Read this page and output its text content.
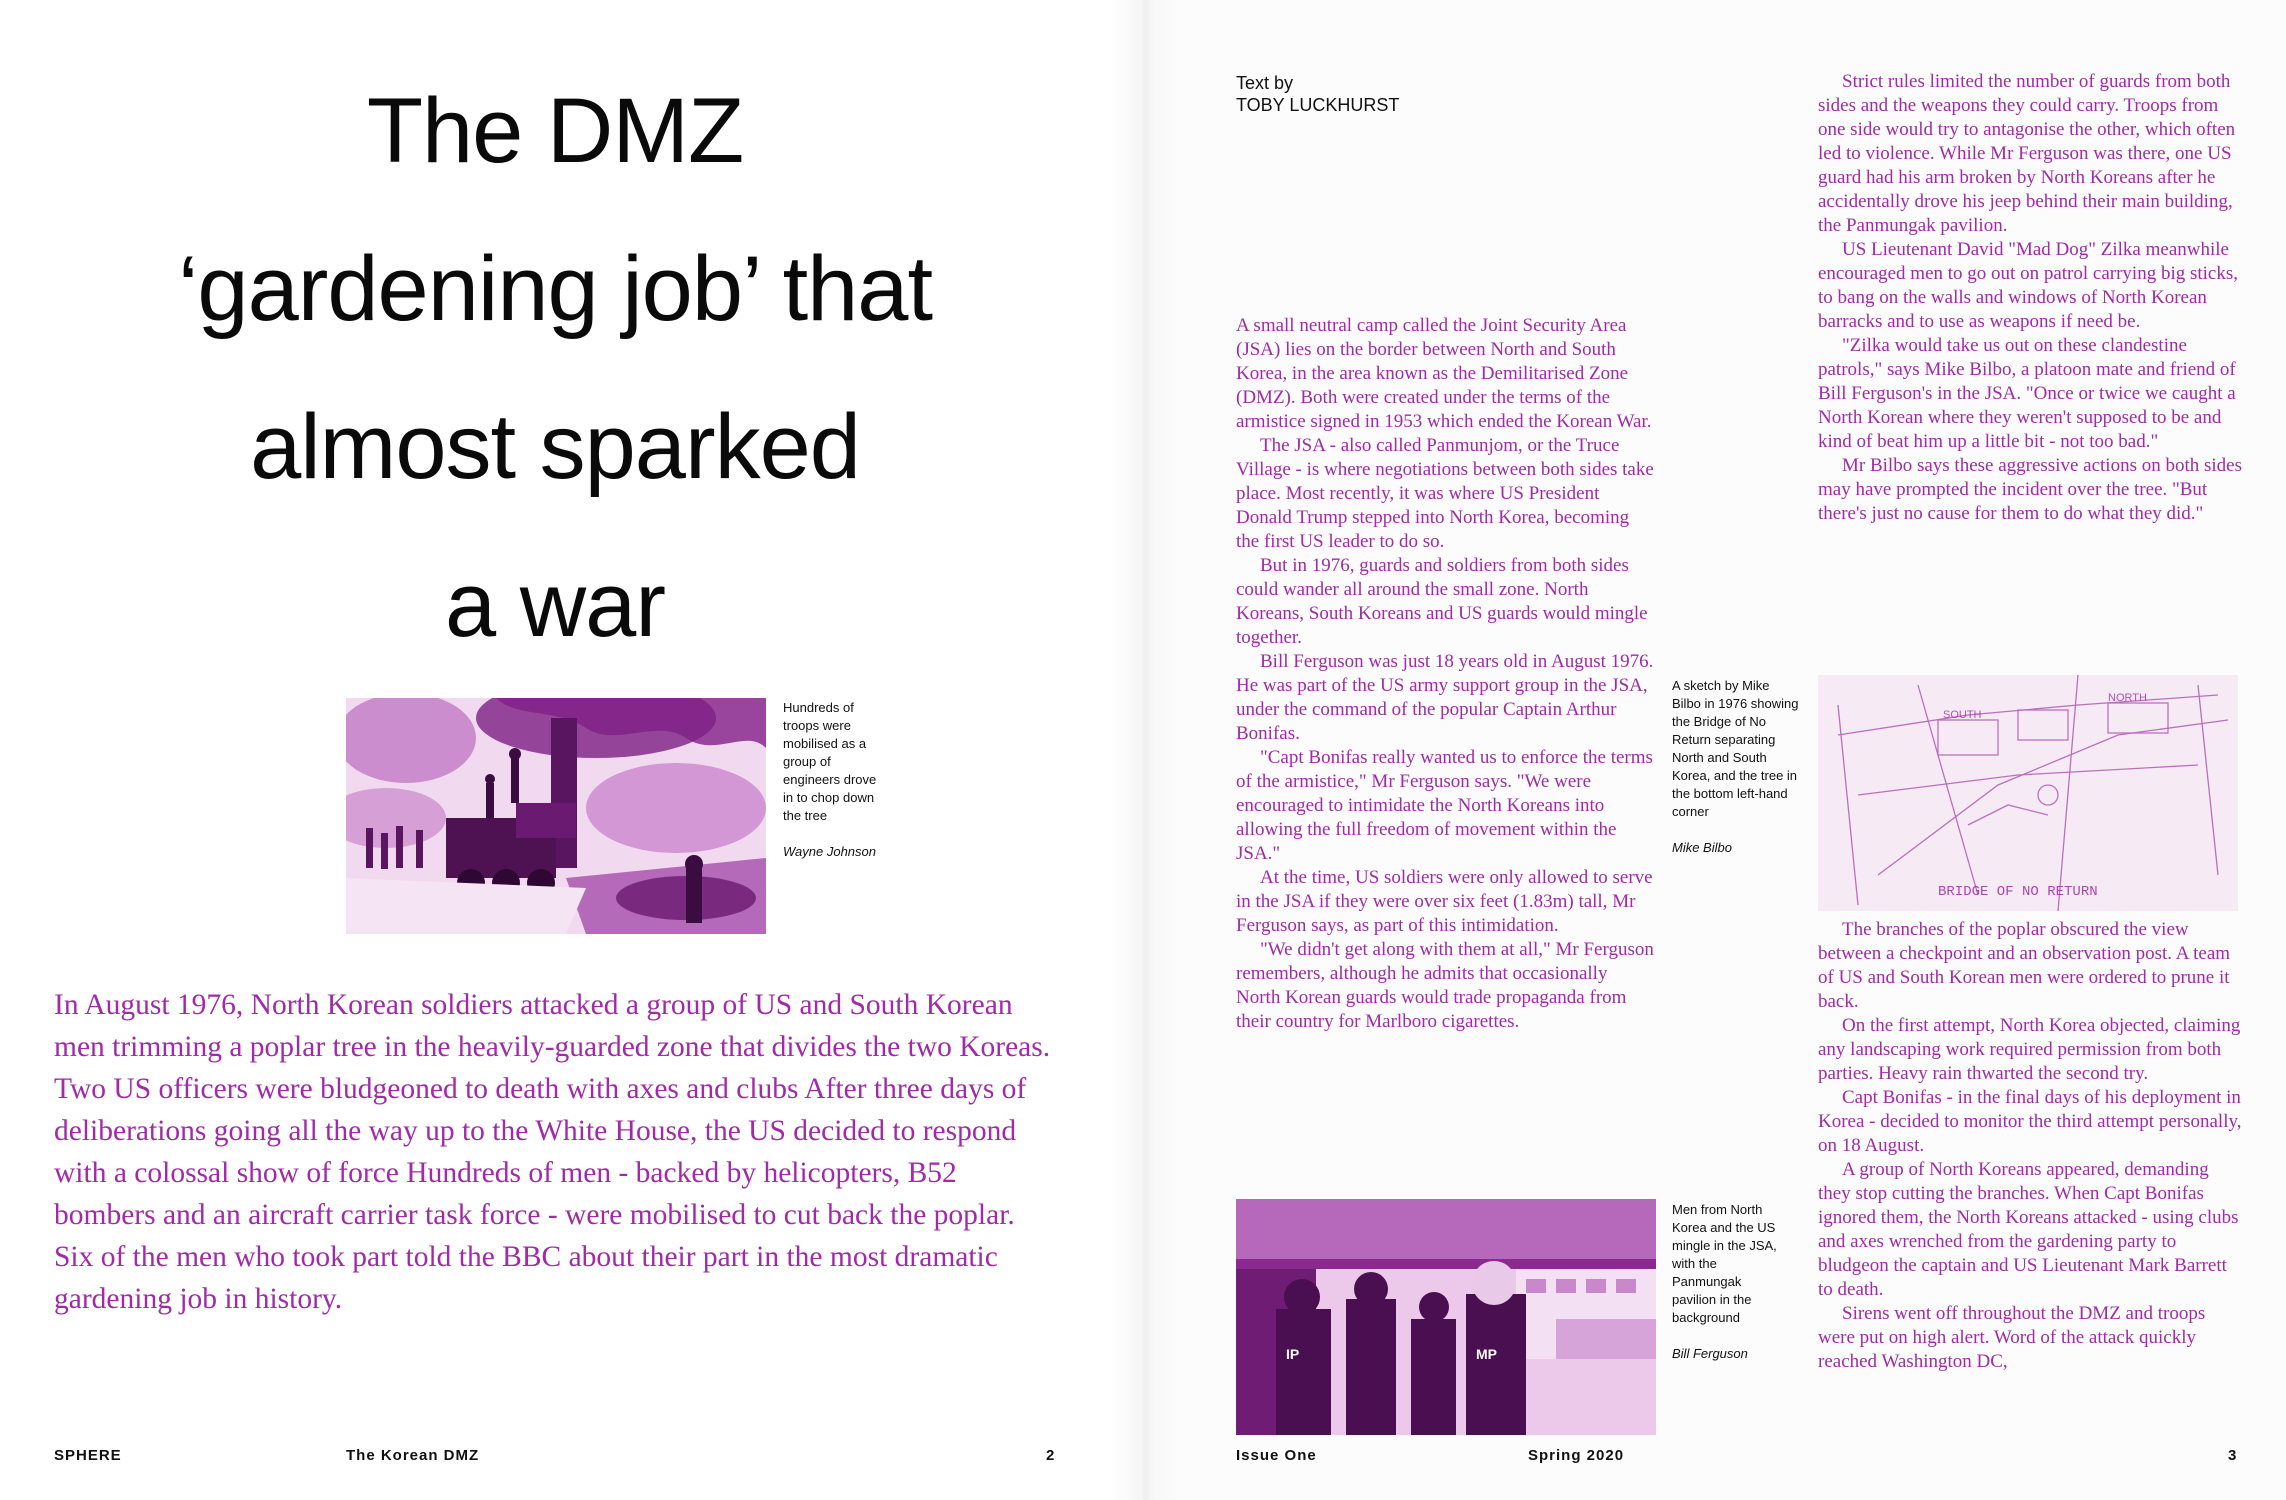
The DMZ
‘gardening job’ that
almost sparked
a war
Hundreds of troops were mobilised as a group of engineers drove in to chop down the tree
Wayne Johnson

In August 1976, North Korean soldiers attacked a group of US and South Korean men trimming a poplar tree in the heavily-guarded zone that divides the two Koreas. Two US officers were bludgeoned to death with axes and clubs After three days of deliberations going all the way up to the White House, the US decided to respond with a colossal show of force Hundreds of men - backed by helicopters, B52 bombers and an aircraft carrier task force - were mobilised to cut back the poplar. Six of the men who took part told the BBC about their part in the most dramatic gardening job in history.

Text by
TOBY LUCKHURST

A small neutral camp called the Joint Security Area (JSA) lies on the border between North and South Korea, in the area known as the Demilitarised Zone (DMZ). Both were created under the terms of the armistice signed in 1953 which ended the Korean War.

The JSA - also called Panmunjom, or the Truce Village - is where negotiations between both sides take place. Most recently, it was where US President Donald Trump stepped into North Korea, becoming the first US leader to do so.

But in 1976, guards and soldiers from both sides could wander all around the small zone. North Koreans, South Koreans and US guards would mingle together.

Bill Ferguson was just 18 years old in August 1976. He was part of the US army support group in the JSA, under the command of the popular Captain Arthur Bonifas.

"Capt Bonifas really wanted us to enforce the terms of the armistice," Mr Ferguson says. "We were encouraged to intimidate the North Koreans into allowing the full freedom of movement within the JSA."

At the time, US soldiers were only allowed to serve in the JSA if they were over six feet (1.83m) tall, Mr Ferguson says, as part of this intimidation.

"We didn't get along with them at all," Mr Ferguson remembers, although he admits that occasionally North Korean guards would trade propaganda from their country for Marlboro cigarettes.

A sketch by Mike Bilbo in 1976 showing the Bridge of No Return separating North and South Korea, and the tree in the bottom left-hand corner
Mike Bilbo

Strict rules limited the number of guards from both sides and the weapons they could carry. Troops from one side would try to antagonise the other, which often led to violence. While Mr Ferguson was there, one US guard had his arm broken by North Koreans after he accidentally drove his jeep behind their main building, the Panmungak pavilion.

US Lieutenant David "Mad Dog" Zilka meanwhile encouraged men to go out on patrol carrying big sticks, to bang on the walls and windows of North Korean barracks and to use as weapons if need be.

"Zilka would take us out on these clandestine patrols," says Mike Bilbo, a platoon mate and friend of Bill Ferguson's in the JSA. "Once or twice we caught a North Korean where they weren't supposed to be and kind of beat him up a little bit - not too bad."

Mr Bilbo says these aggressive actions on both sides may have prompted the incident over the tree. "But there's just no cause for them to do what they did."

SOUTH
NORTH
BRIDGE OF NO RETURN

The branches of the poplar obscured the view between a checkpoint and an observation post. A team of US and South Korean men were ordered to prune it back.

On the first attempt, North Korea objected, claiming any landscaping work required permission from both parties. Heavy rain thwarted the second try.

Capt Bonifas - in the final days of his deployment in Korea - decided to monitor the third attempt personally, on 18 August.

A group of North Koreans appeared, demanding they stop cutting the branches. When Capt Bonifas ignored them, the North Koreans attacked - using clubs and axes wrenched from the gardening party to bludgeon the captain and US Lieutenant Mark Barrett to death.

Sirens went off throughout the DMZ and troops were put on high alert. Word of the attack quickly reached Washington DC,

IP	MP
Men from North Korea and the US mingle in the JSA, with the Panmungak pavilion in the background
Bill Ferguson
SPHERE	The Korean DMZ	2	Issue One	Spring 2020	3
